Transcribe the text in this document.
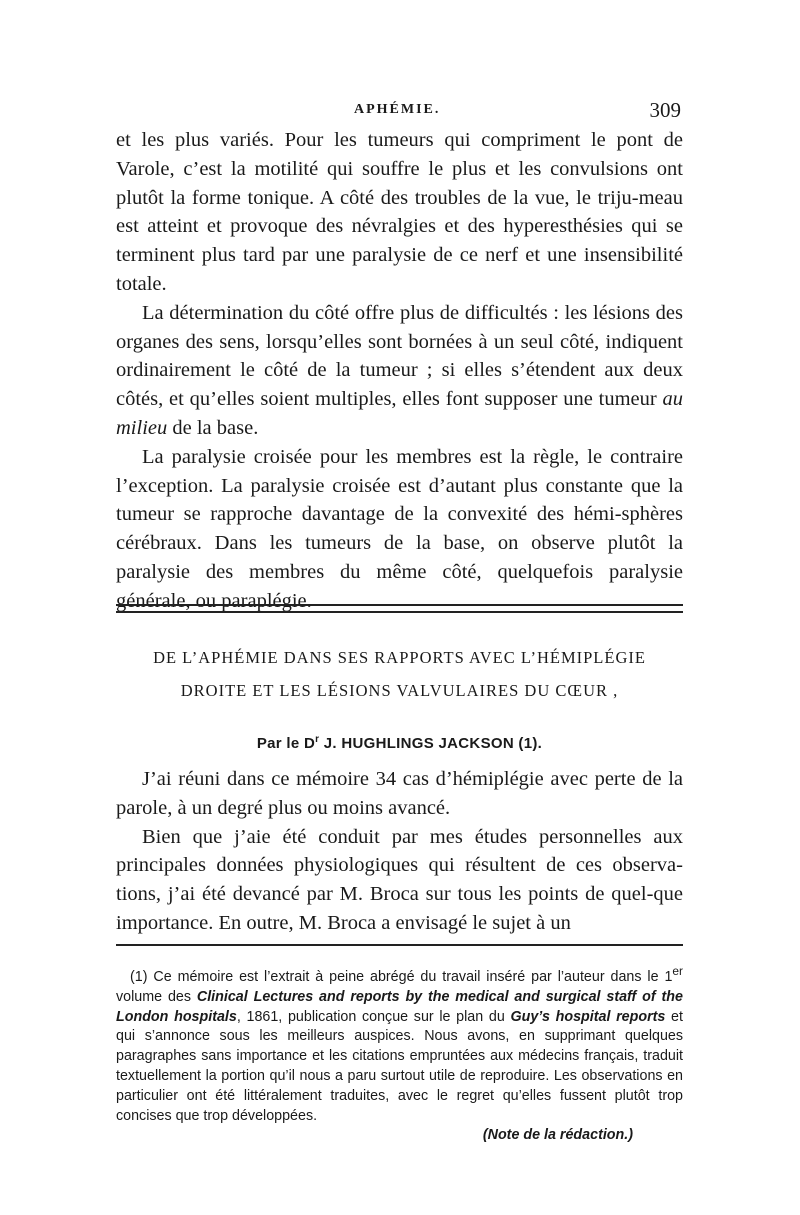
APHÉMIE.	309

et les plus variés. Pour les tumeurs qui compriment le pont de Varole, c’est la motilité qui souffre le plus et les convulsions ont plutôt la forme tonique. A côté des troubles de la vue, le triju-meau est atteint et provoque des névralgies et des hyperesthésies qui se terminent plus tard par une paralysie de ce nerf et une insensibilité totale.

La détermination du côté offre plus de difficultés : les lésions des organes des sens, lorsqu’elles sont bornées à un seul côté, indiquent ordinairement le côté de la tumeur ; si elles s’étendent aux deux côtés, et qu’elles soient multiples, elles font supposer une tumeur au milieu de la base.

La paralysie croisée pour les membres est la règle, le contraire l’exception. La paralysie croisée est d’autant plus constante que la tumeur se rapproche davantage de la convexité des hémi-sphères cérébraux. Dans les tumeurs de la base, on observe plutôt la paralysie des membres du même côté, quelquefois paralysie générale, ou paraplégie.

DE L’APHÉMIE DANS SES RAPPORTS AVEC L’HÉMIPLÉGIE
DROITE ET LES LÉSIONS VALVULAIRES DU CŒUR ,
Par le $D^r$ J. HUGHLINGS JACKSON (1).

J’ai réuni dans ce mémoire 34 cas d’hémiplégie avec perte de la parole, à un degré plus ou moins avancé.

Bien que j’aie été conduit par mes études personnelles aux principales données physiologiques qui résultent de ces observa-tions, j’ai été devancé par M. Broca sur tous les points de quel-que importance. En outre, M. Broca a envisagé le sujet à un

(1) Ce mémoire est l’extrait à peine abrégé du travail inséré par l’auteur dans le 1er volume des Clinical Lectures and reports by the medical and surgical staff of the London hospitals, 1861, publication conçue sur le plan du Guy’s hospital reports et qui s’annonce sous les meilleurs auspices. Nous avons, en supprimant quelques paragraphes sans importance et les citations empruntées aux médecins français, traduit textuellement la portion qu’il nous a paru surtout utile de reproduire. Les observations en particulier ont été littéralement traduites, avec le regret qu’elles fussent plutôt trop concises que trop développées.

(Note de la rédaction.)
